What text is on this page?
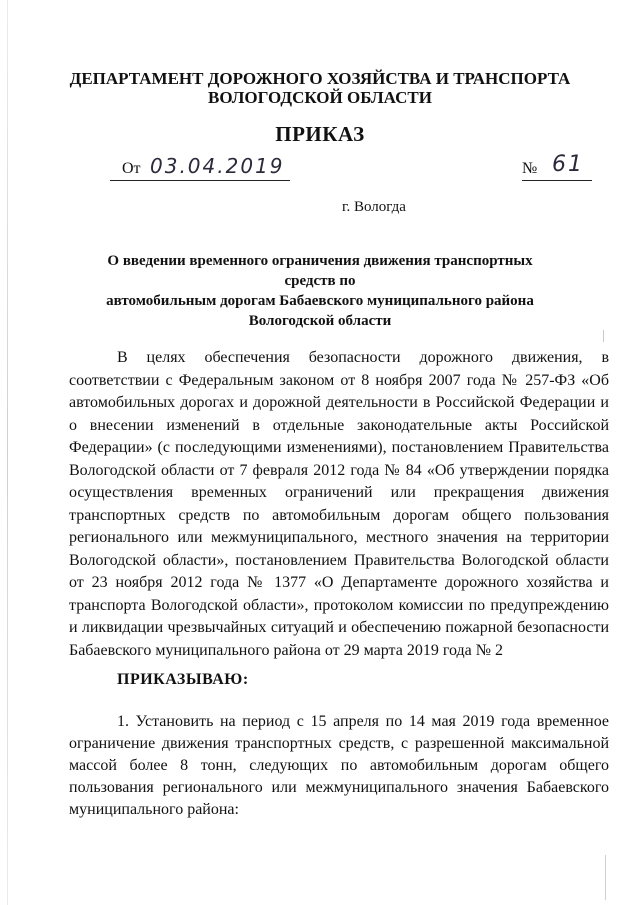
ДЕПАРТАМЕНТ ДОРОЖНОГО ХОЗЯЙСТВА И ТРАНСПОРТА
ВОЛОГОДСКОЙ ОБЛАСТИ
ПРИКАЗ
От 03.04.2019	№ 61
г. Вологда
О введении временного ограничения движения транспортных средств по
автомобильным дорогам Бабаевского муниципального района
Вологодской области
В целях обеспечения безопасности дорожного движения, в соответствии с Федеральным законом от 8 ноября 2007 года № 257-ФЗ «Об автомобильных дорогах и дорожной деятельности в Российской Федерации и о внесении изменений в отдельные законодательные акты Российской Федерации» (с последующими изменениями), постановлением Правительства Вологодской области от 7 февраля 2012 года № 84 «Об утверждении порядка осуществления временных ограничений или прекращения движения транспортных средств по автомобильным дорогам общего пользования регионального или межмуниципального, местного значения на территории Вологодской области», постановлением Правительства Вологодской области от 23 ноября 2012 года № 1377 «О Департаменте дорожного хозяйства и транспорта Вологодской области», протоколом комиссии по предупреждению и ликвидации чрезвычайных ситуаций и обеспечению пожарной безопасности Бабаевского муниципального района от 29 марта 2019 года № 2
ПРИКАЗЫВАЮ:
1. Установить на период с 15 апреля по 14 мая 2019 года временное ограничение движения транспортных средств, с разрешенной максимальной массой более 8 тонн, следующих по автомобильным дорогам общего пользования регионального или межмуниципального значения Бабаевского муниципального района:
